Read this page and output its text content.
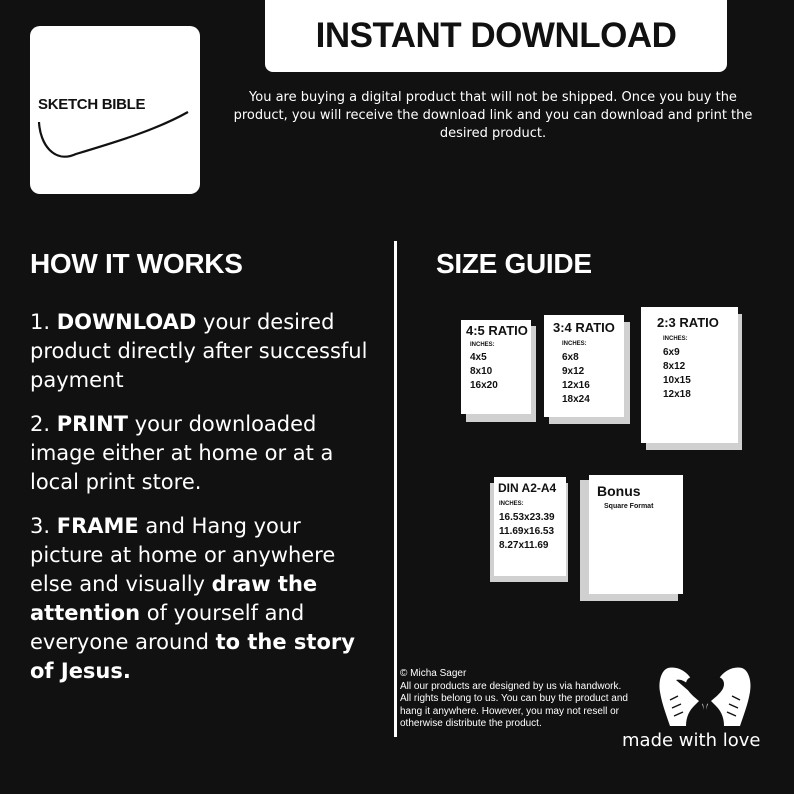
SKETCH BIBLE
INSTANT DOWNLOAD

You are buying a digital product that will not be shipped. Once you buy the product, you will receive the download link and you can download and print the desired product.

HOW IT WORKS

1. DOWNLOAD your desired product directly after successful payment

2. PRINT your downloaded image either at home or at a local print store.

3. FRAME and Hang your picture at home or anywhere else and visually draw the attention of yourself and everyone around to the story of Jesus.

SIZE GUIDE
4:5 RATIO
INCHES:
4x5
8x10
16x20
3:4 RATIO
INCHES:
6x8
9x12
12x16
18x24
2:3 RATIO
INCHES:
6x9
8x12
10x15
12x18
DIN A2-A4
INCHES:
16.53x23.39
11.69x16.53
8.27x11.69
Bonus
Square Format
© Micha Sager
All our products are designed by us via handwork.
All rights belong to us. You can buy the product and
hang it anywhere. However, you may not resell or
otherwise distribute the product.
made with love
